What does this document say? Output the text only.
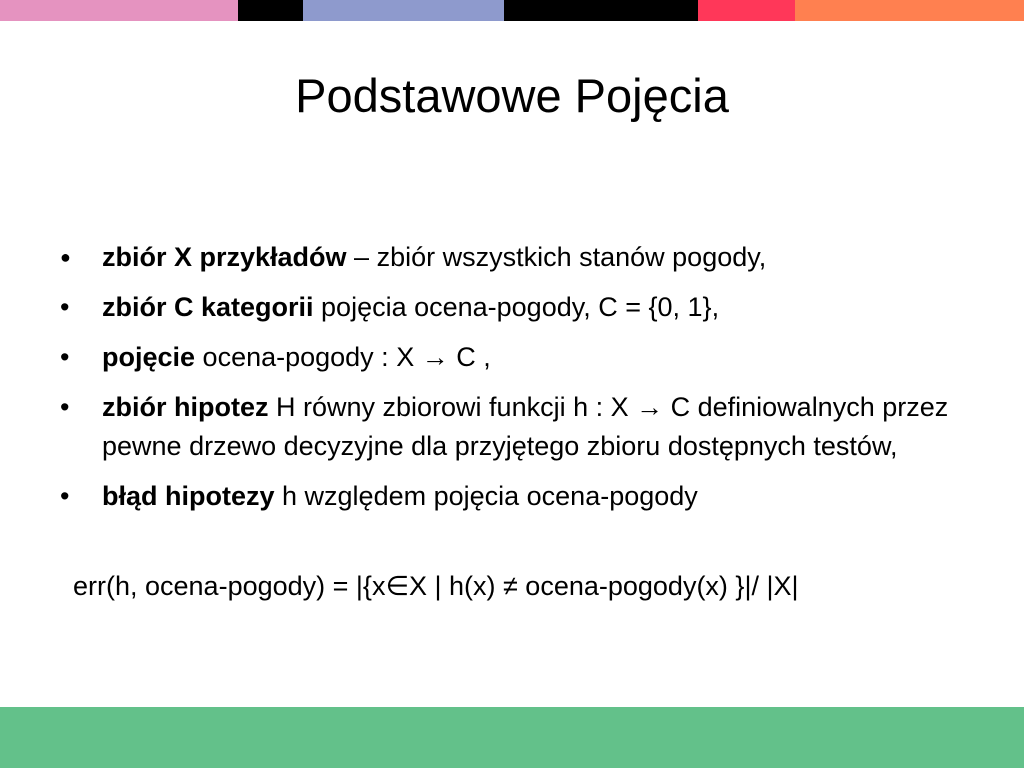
Podstawowe Pojęcia
●	zbiór X przykładów – zbiór wszystkich stanów pogody,
•	zbiór C kategorii pojęcia ocena-pogody, C = {0, 1},
•	pojęcie ocena-pogody : X → C ,
•	zbiór hipotez H równy zbiorowi funkcji h : X → C definiowalnych przez pewne drzewo decyzyjne dla przyjętego zbioru dostępnych testów,
•	błąd hipotezy h względem pojęcia ocena-pogody
err(h, ocena-pogody) = |{x∈X | h(x) ≠ ocena-pogody(x) }|/ |X|
